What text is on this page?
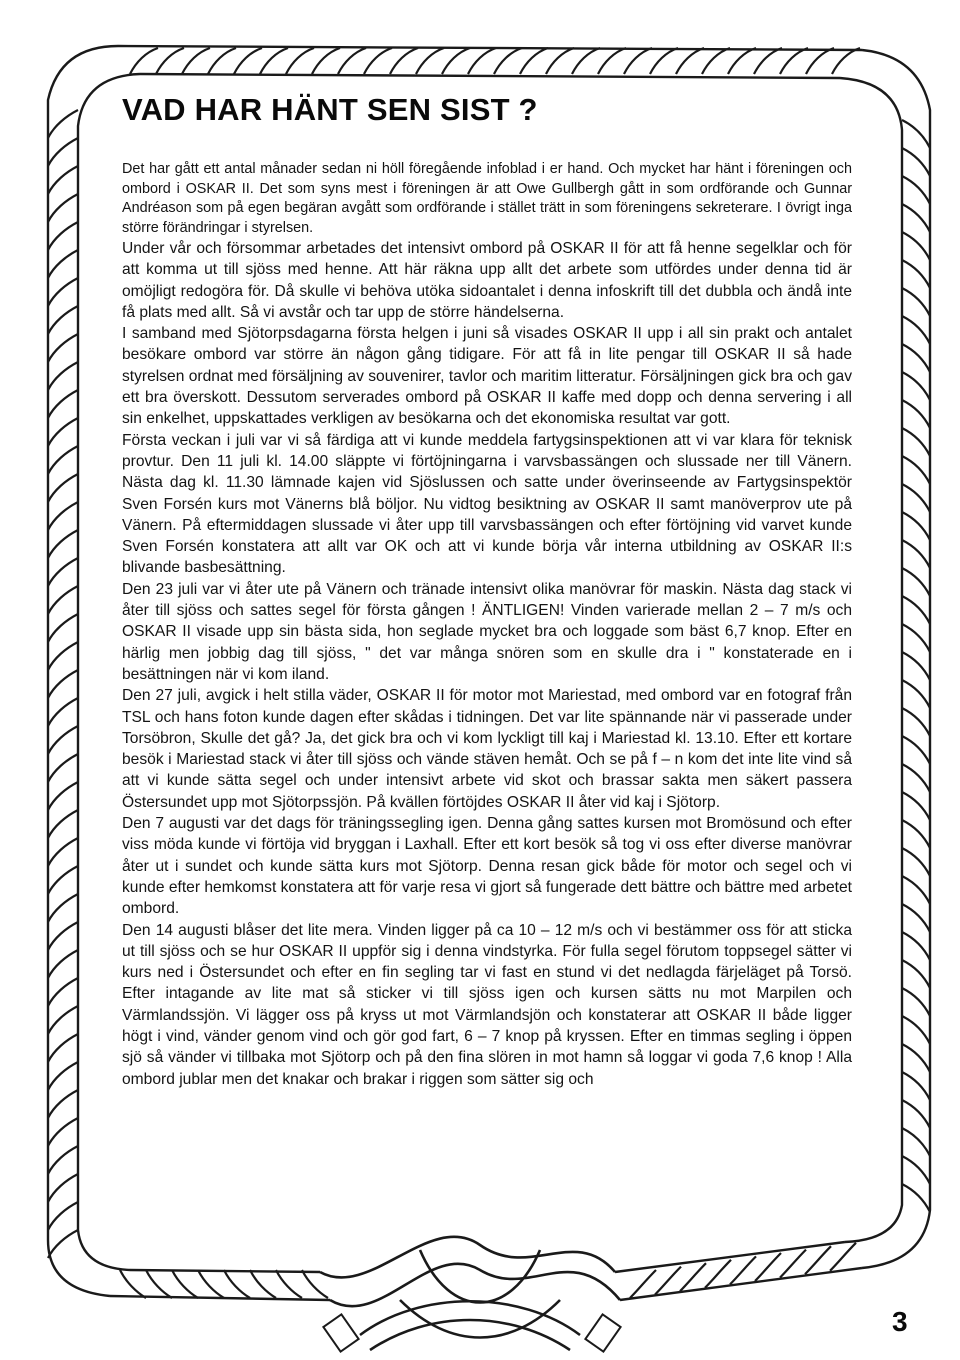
VAD HAR HÄNT SEN SIST ?

Det har gått ett antal månader sedan ni höll föregående infoblad i er hand. Och mycket har hänt i föreningen och ombord i OSKAR II. Det som syns mest i föreningen är att Owe Gullbergh gått in som ordförande och Gunnar Andréason som på egen begäran avgått som ordförande i stället trätt in som föreningens sekreterare. I övrigt inga större förändringar i styrelsen.

Under vår och försommar arbetades det intensivt ombord på OSKAR II för att få henne segelklar och för att komma ut till sjöss med henne. Att här räkna upp allt det arbete som utfördes under denna tid är omöjligt redogöra för. Då skulle vi behöva utöka sidoantalet i denna infoskrift till det dubbla och ändå inte få plats med allt. Så vi avstår och tar upp de större händelserna.

I samband med Sjötorpsdagarna första helgen i juni så visades OSKAR II upp i all sin prakt och antalet besökare ombord var större än någon gång tidigare. För att få in lite pengar till OSKAR II så hade styrelsen ordnat med försäljning av souvenirer, tavlor och maritim litteratur. Försäljningen gick bra och gav ett bra överskott. Dessutom serverades ombord på OSKAR II kaffe med dopp och denna servering i all sin enkelhet, uppskattades verkligen av besökarna och det ekonomiska resultat var gott.

Första veckan i juli var vi så färdiga att vi kunde meddela fartygsinspektionen att vi var klara för teknisk provtur. Den 11 juli kl. 14.00 släppte vi förtöjningarna i varvsbassängen och slussade ner till Vänern. Nästa dag kl. 11.30 lämnade kajen vid Sjöslussen och satte under överinseende av Fartygsinspektör Sven Forsén kurs mot Vänerns blå böljor. Nu vidtog besiktning av OSKAR II samt manöverprov ute på Vänern. På eftermiddagen slussade vi åter upp till varvsbassängen och efter förtöjning vid varvet kunde Sven Forsén konstatera att allt var OK och att vi kunde börja vår interna utbildning av OSKAR II:s blivande basbesättning.

Den 23 juli var vi åter ute på Vänern och tränade intensivt olika manövrar för maskin. Nästa dag stack vi åter till sjöss och sattes segel för första gången ! ÄNTLIGEN! Vinden varierade mellan 2 – 7 m/s och OSKAR II visade upp sin bästa sida, hon seglade mycket bra och loggade som bäst 6,7 knop. Efter en härlig men jobbig dag till sjöss, " det var många snören som en skulle dra i " konstaterade en i besättningen när vi kom iland.

Den 27 juli, avgick i helt stilla väder, OSKAR II för motor mot Mariestad, med ombord var en fotograf från TSL och hans foton kunde dagen efter skådas i tidningen. Det var lite spännande när vi passerade under Torsöbron, Skulle det gå? Ja, det gick bra och vi kom lyckligt till kaj i Mariestad kl. 13.10. Efter ett kortare besök i Mariestad stack vi åter till sjöss och vände stäven hemåt. Och se på f – n kom det inte lite vind så att vi kunde sätta segel och under intensivt arbete vid skot och brassar sakta men säkert passera Östersundet upp mot Sjötorpssjön. På kvällen förtöjdes OSKAR II åter vid kaj i Sjötorp.

Den 7 augusti var det dags för träningssegling igen. Denna gång sattes kursen mot Bromösund och efter viss möda kunde vi förtöja vid bryggan i Laxhall. Efter ett kort besök så tog vi oss efter diverse manövrar åter ut i sundet och kunde sätta kurs mot Sjötorp. Denna resan gick både för motor och segel och vi kunde efter hemkomst konstatera att för varje resa vi gjort så fungerade dett bättre och bättre med arbetet ombord.

Den 14 augusti blåser det lite mera. Vinden ligger på ca 10 – 12 m/s och vi bestämmer oss för att sticka ut till sjöss och se hur OSKAR II uppför sig i denna vindstyrka. För fulla segel förutom toppsegel sätter vi kurs ned i Östersundet och efter en fin segling tar vi fast en stund vi det nedlagda färjeläget på Torsö. Efter intagande av lite mat så sticker vi till sjöss igen och kursen sätts nu mot Marpilen och Värmlandssjön. Vi lägger oss på kryss ut mot Värmlandsjön och konstaterar att OSKAR II både ligger högt i vind, vänder genom vind och gör god fart, 6 – 7 knop på kryssen. Efter en timmas segling i öppen sjö så vänder vi tillbaka mot Sjötorp och på den fina slören in mot hamn så loggar vi goda 7,6 knop ! Alla ombord jublar men det knakar och brakar i riggen som sätter sig och

3
